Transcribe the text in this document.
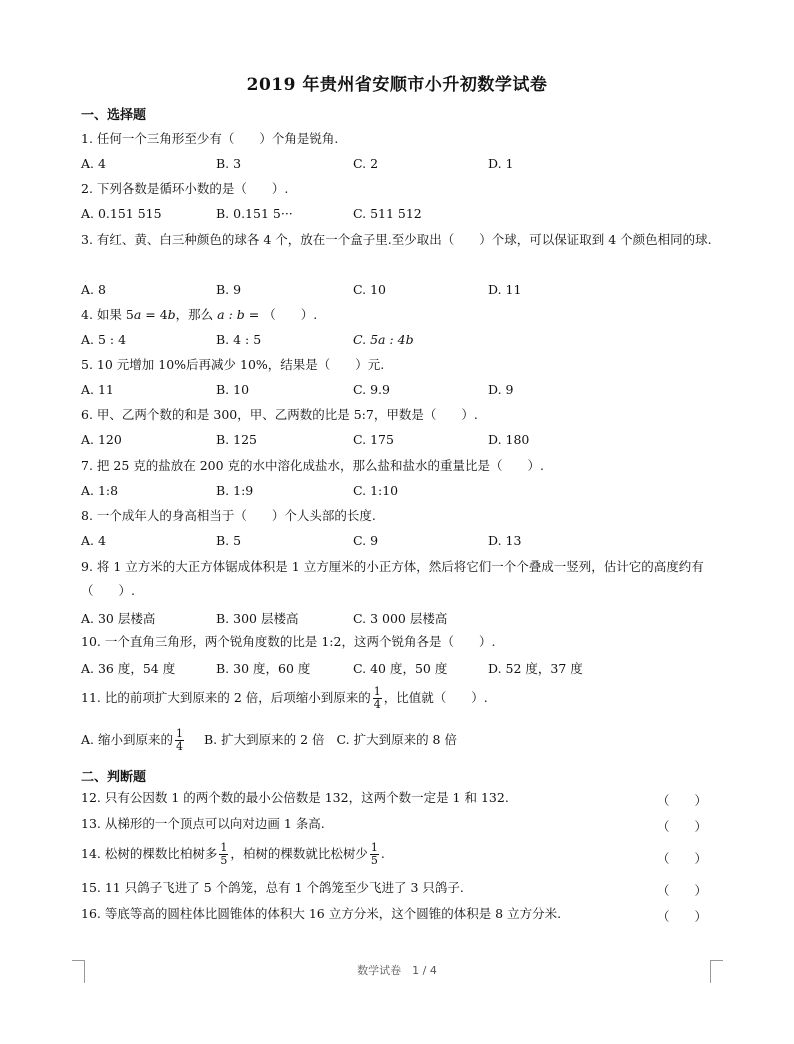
2019 年贵州省安顺市小升初数学试卷
一、选择题
1. 任何一个三角形至少有（　　）个角是锐角.
A. 4	B. 3	C. 2	D. 1
2. 下列各数是循环小数的是（　　）.
A. 0.151 515	B. 0.151 5···	C. 511 512
3. 有红、黄、白三种颜色的球各 4 个，放在一个盒子里.至少取出（　　）个球，可以保证取到 4 个颜色相同的球.
A. 8	B. 9	C. 10	D. 11
4. 如果 5a = 4b，那么 a : b = （　　）.
A. 5 : 4	B. 4 : 5	C. 5a : 4b
5. 10 元增加 10%后再减少 10%，结果是（　　）元.
A. 11	B. 10	C. 9.9	D. 9
6. 甲、乙两个数的和是 300，甲、乙两数的比是 5:7，甲数是（　　）.
A. 120	B. 125	C. 175	D. 180
7. 把 25 克的盐放在 200 克的水中溶化成盐水，那么盐和盐水的重量比是（　　）.
A. 1:8	B. 1:9	C. 1:10
8. 一个成年人的身高相当于（　　）个人头部的长度.
A. 4	B. 5	C. 9	D. 13
9. 将 1 立方米的大正方体锯成体积是 1 立方厘米的小正方体，然后将它们一个个叠成一竖列，估计它的高度约有（　　）.
A. 30 层楼高	B. 300 层楼高	C. 3 000 层楼高
10. 一个直角三角形，两个锐角度数的比是 1:2，这两个锐角各是（　　）.
A. 36 度，54 度	B. 30 度，60 度	C. 40 度，50 度	D. 52 度，37 度
11. 比的前项扩大到原来的 2 倍，后项缩小到原来的 $\frac{1}{4}$ ，比值就（　　）.
A. 缩小到原来的 $\frac{1}{4} B$. 扩大到原来的 2 倍 C. 扩大到原来的 8 倍
二、判断题
12. 只有公因数 1 的两个数的最小公倍数是 132，这两个数一定是 1 和 132.	（　　）
13. 从梯形的一个顶点可以向对边画 1 条高.	（　　）
14. 松树的棵数比柏树多 $\frac{1}{5}$ ，柏树的棵数就比松树少 $\frac{1}{5}$ .	（　　）
15. 11 只鸽子飞进了 5 个鸽笼，总有 1 个鸽笼至少飞进了 3 只鸽子.	（　　）
16. 等底等高的圆柱体比圆锥体的体积大 16 立方分米，这个圆锥的体积是 8 立方分米.	（　　）
数学试卷　1 / 4
